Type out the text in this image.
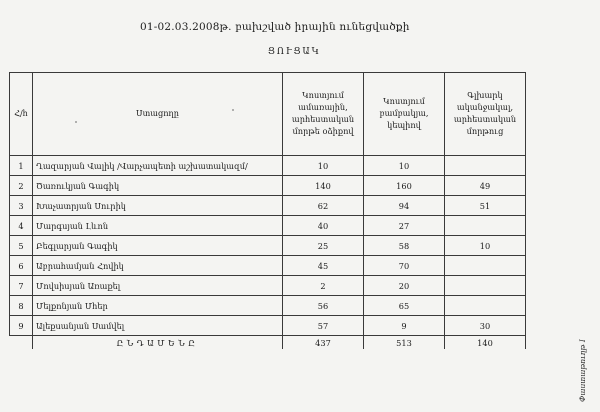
01-02.03.2008թ. բախշված իրային ունեցվածքի
ՑՈՒՑԱԿ
Հ/հ	Ստացողը	Կոստյում ամառային, արհեստական մորթե օձիքով	Կոստյում բամբակյա, կեպիով	Գլխարկ ականջակալ, արհեստական մորթուց
1	Ղազարյան Վալիկ /Վարչապետի աշխատակազմ/	10	10	
2	Ծառուկյան Գագիկ	140	160	49
3	Խաչատրյան Սուրիկ	62	94	51
4	Մարգսյան Լևոն	40	27	
5	Բեգլարյան Գագիկ	25	58	10
6	Աբրահամյան Հովիկ	45	70	
7	Մովսիսյան Առաքել	2	20	
8	Մելքոնյան Մհեր	56	65	
9	Ալեքսանյան Սամվել	57	9	30
	ԸՆԴԱՄԵՆԸ	437	513	140	Փաստաթուղթ I
